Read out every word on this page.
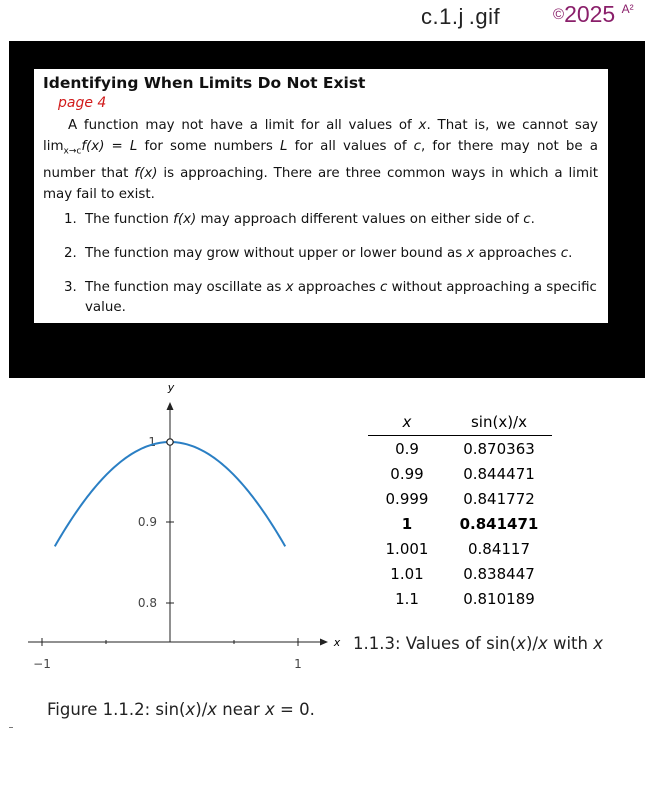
c.1.j .gif	©2025 $^{A^2}$
Identifying When Limits Do Not Exist
page 4

A function may not have a limit for all values of x. That is, we cannot say $\lim_{x\to c}f(x) = L$ for some numbers L for all values of c, for there may not be a number that f(x) is approaching. There are three common ways in which a limit may fail to exist.

1. The function f(x) may approach different values on either side of c.
2. The function may grow without upper or lower bound as x approaches c.
3. The function may oscillate as x approaches c without approaching a specific value.
y
x
1
0.9
0.8
−1	1
x	sin(x)/x
0.9	0.870363
0.99	0.844471
0.999	0.841772
1	0.841471
1.001	0.84117
1.01	0.838447
1.1	0.810189
1.1.3: Values of sin(x)/x with x
Figure 1.1.2: sin(x)/x near x = 0.
